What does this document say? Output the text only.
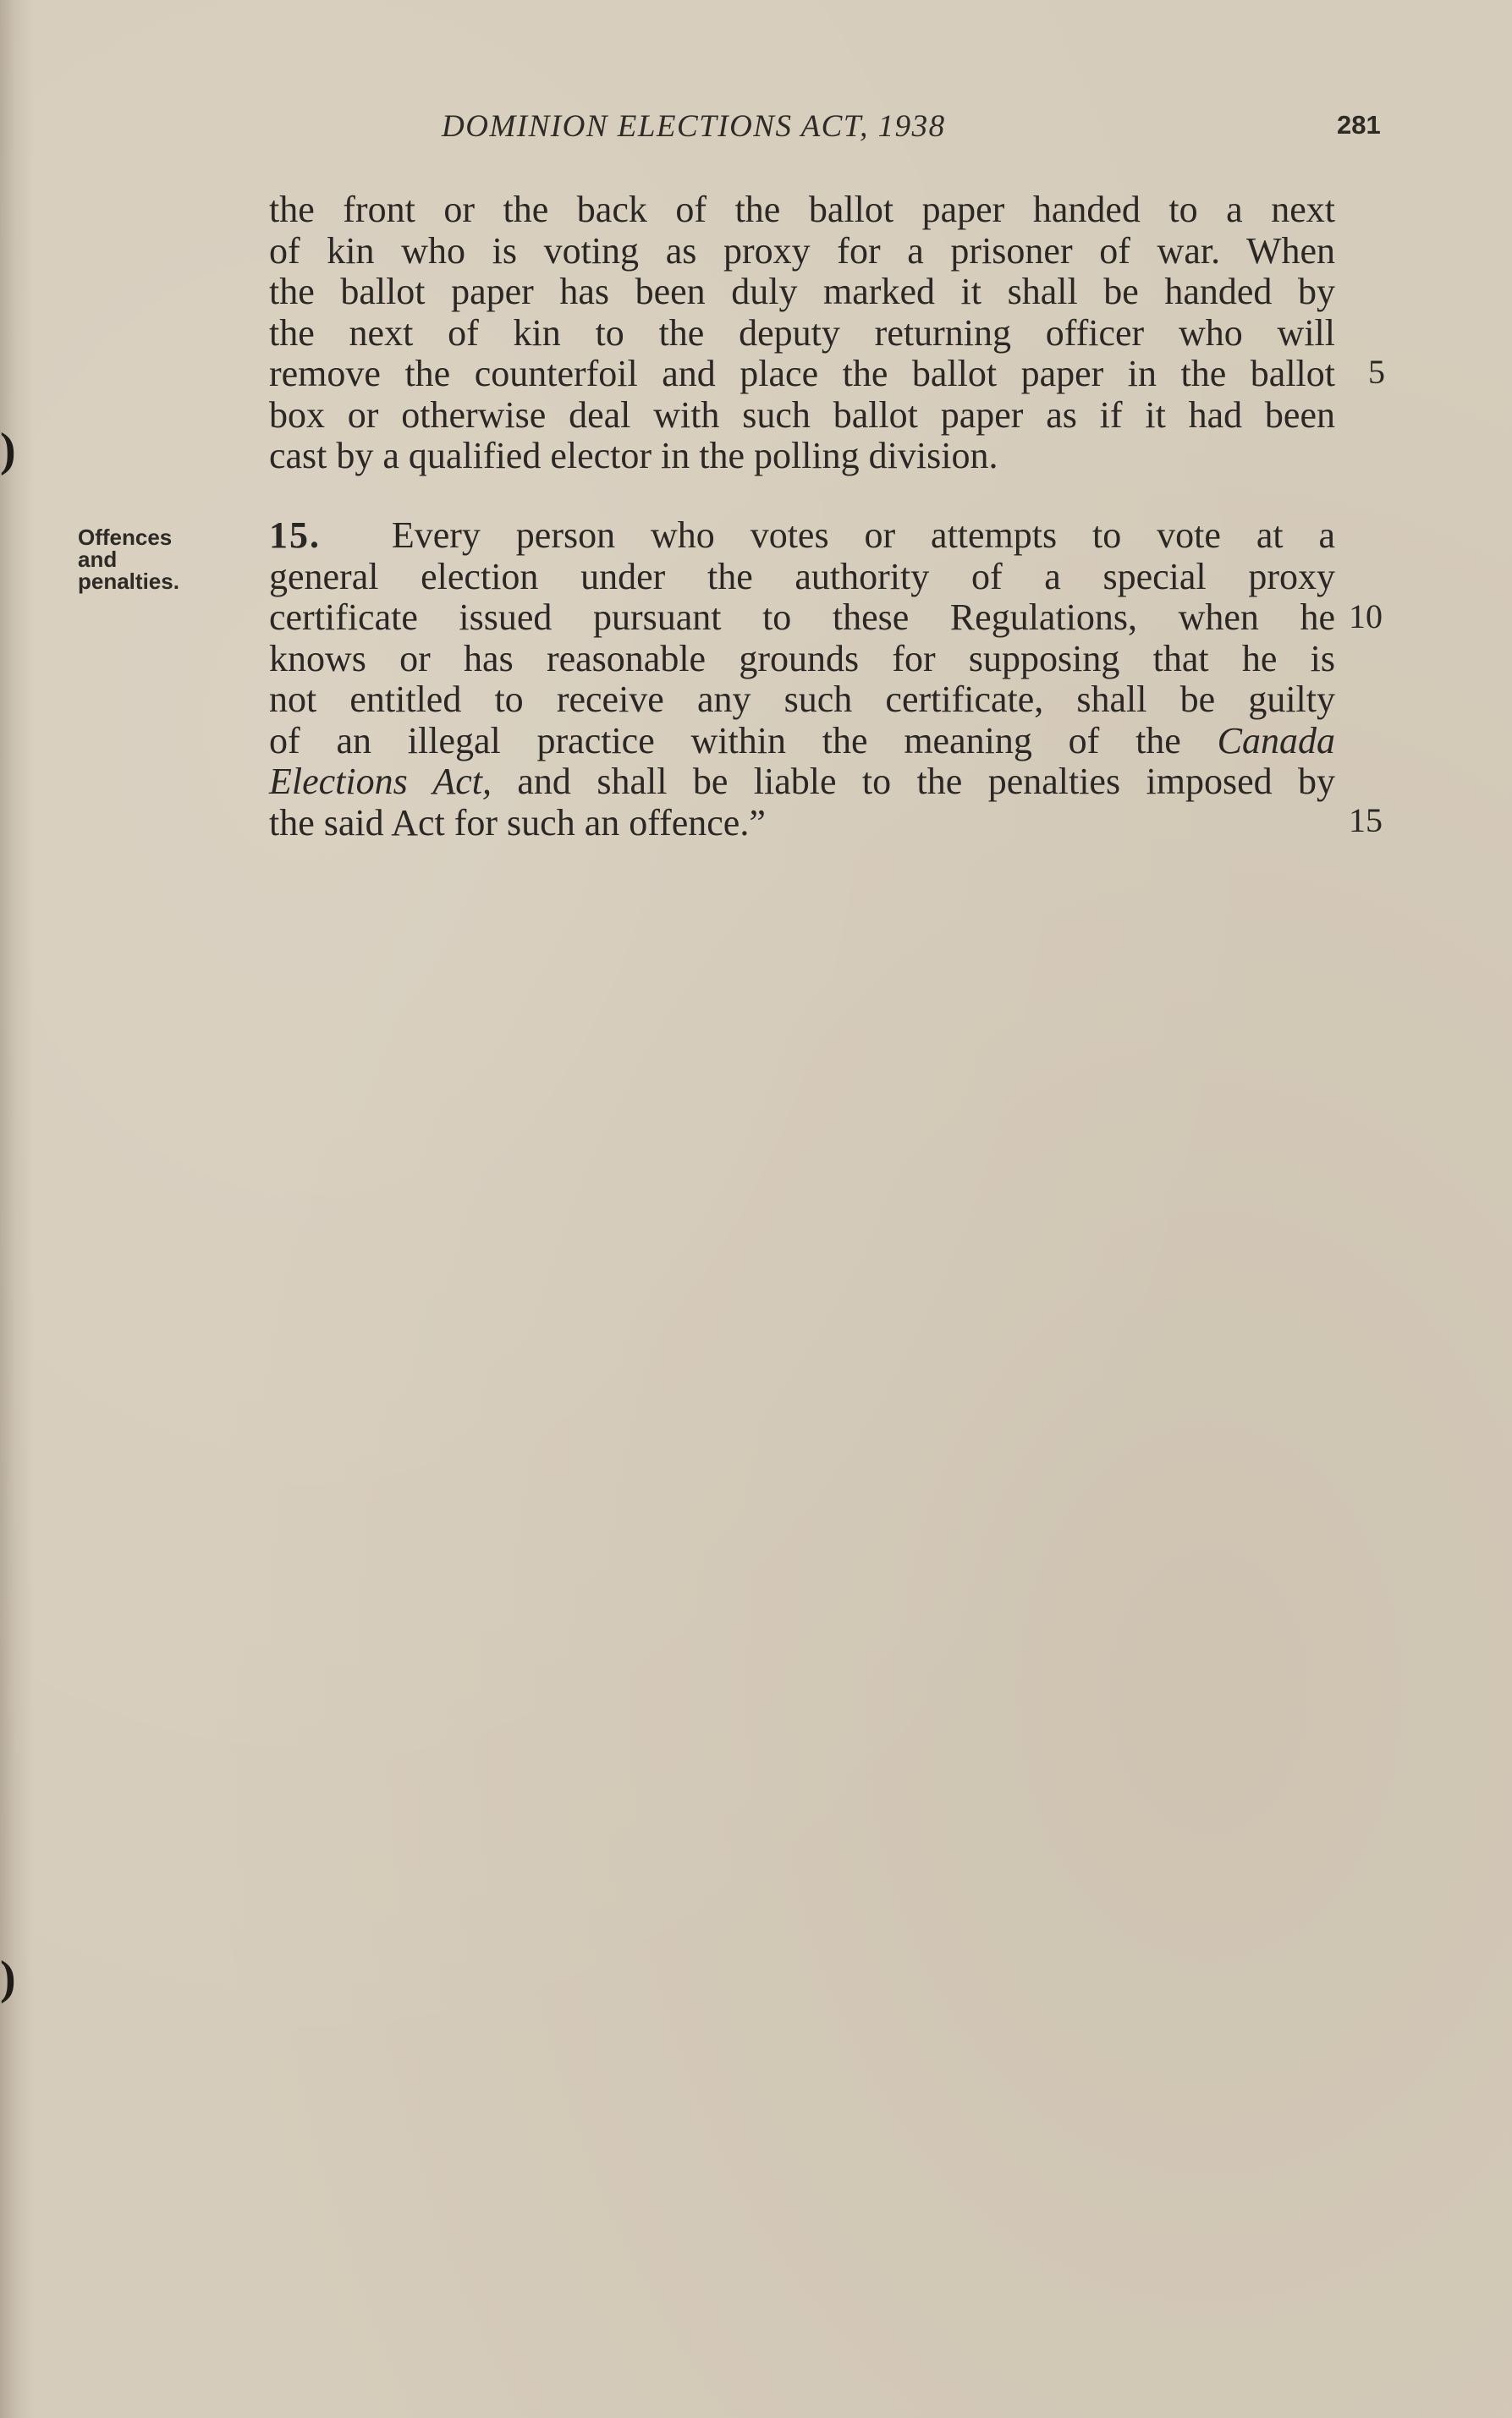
DOMINION ELECTIONS ACT, 1938	281
)
)
the front or the back of the ballot paper handed to a next
of kin who is voting as proxy for a prisoner of war. When
the ballot paper has been duly marked it shall be handed by
the next of kin to the deputy returning officer who will
remove the counterfoil and place the ballot paper in the ballot
box or otherwise deal with such ballot paper as if it had been
cast by a qualified elector in the polling division.
Offences
and
penalties.
15. Every person who votes or attempts to vote at a
general election under the authority of a special proxy
certificate issued pursuant to these Regulations, when he
knows or has reasonable grounds for supposing that he is
not entitled to receive any such certificate, shall be guilty
of an illegal practice within the meaning of the Canada
Elections Act, and shall be liable to the penalties imposed by
the said Act for such an offence.”
5
10
15
